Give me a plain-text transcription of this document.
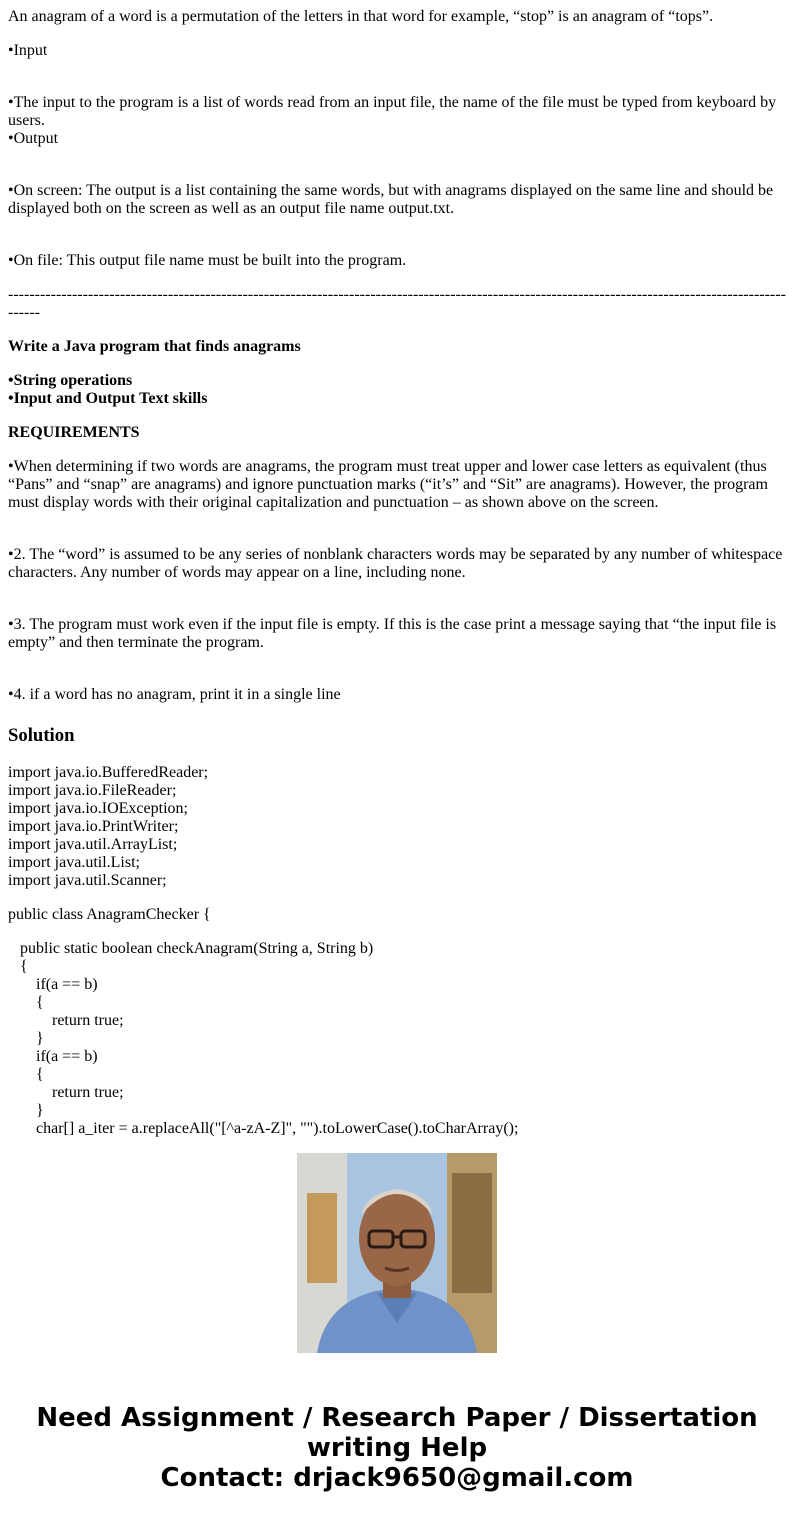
An anagram of a word is a permutation of the letters in that word for example, “stop” is an anagram of “tops”.

•Input

•The input to the program is a list of words read from an input file, the name of the file must be typed from keyboard by users.

•Output

•On screen: The output is a list containing the same words, but with anagrams displayed on the same line and should be displayed both on the screen as well as an output file name output.txt.

•On file: This output file name must be built into the program.

--------------------------------------------------------------------------------------------------------------------------------------------------------

Write a Java program that finds anagrams

•String operations

•Input and Output Text skills

REQUIREMENTS

•When determining if two words are anagrams, the program must treat upper and lower case letters as equivalent (thus “Pans” and “snap” are anagrams) and ignore punctuation marks (“it’s” and “Sit” are anagrams). However, the program must display words with their original capitalization and punctuation – as shown above on the screen.

•2. The “word” is assumed to be any series of nonblank characters words may be separated by any number of whitespace characters. Any number of words may appear on a line, including none.

•3. The program must work even if the input file is empty. If this is the case print a message saying that “the input file is empty” and then terminate the program.

•4. if a word has no anagram, print it in a single line

Solution
import java.io.BufferedReader;
import java.io.FileReader;
import java.io.IOException;
import java.io.PrintWriter;
import java.util.ArrayList;
import java.util.List;
import java.util.Scanner;
public class AnagramChecker {
public static boolean checkAnagram(String a, String b)
{
if(a == b)
{
return true;
}
if(a == b)
{
return true;
}
char[] a_iter = a.replaceAll("[^a-zA-Z]", "").toLowerCase().toCharArray();
Need Assignment / Research Paper / Dissertation writing Help
Contact: drjack9650@gmail.com
